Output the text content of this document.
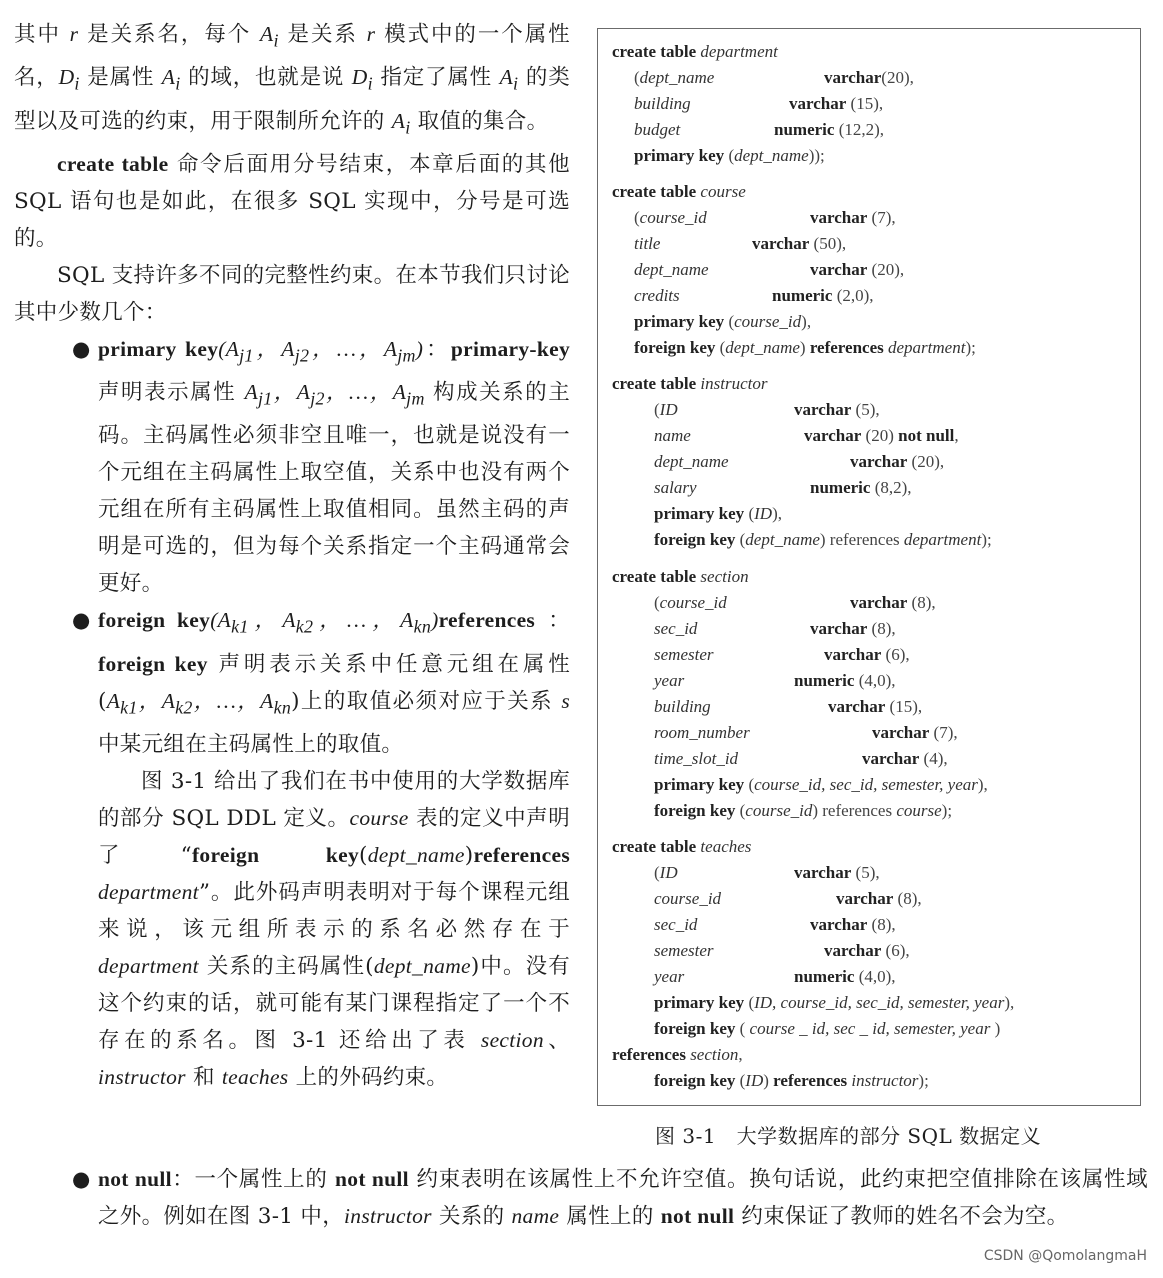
其中 r 是关系名，每个 $A_i$ 是关系 r 模式中的一个属性名，$D_i$ 是属性 $A_i$ 的域，也就是说 $D_i$ 指定了属性 $A_i$ 的类型以及可选的约束，用于限制所允许的 $A_i$ 取值的集合。

create table 命令后面用分号结束，本章后面的其他 SQL 语句也是如此，在很多 SQL 实现中，分号是可选的。

SQL 支持许多不同的完整性约束。在本节我们只讨论其中少数几个：

● primary $key(A_{j1}$，$A_{j2}$，…，$A_{jm}$)：primary-key 声明表示属性 $A_{j1}$，$A_{j2}$，…，$A_{jm}$ 构成关系的主码。主码属性必须非空且唯一，也就是说没有一个元组在主码属性上取空值，关系中也没有两个元组在所有主码属性上取值相同。虽然主码的声明是可选的，但为每个关系指定一个主码通常会更好。

● foreign $key(A_{k1}$，$A_{k2}$，…，$A_{kn})references$ ：foreign key 声明表示关系中任意元组在属性($A_{k1}$，$A_{k2}$，…，$A_{kn}$)上的取值必须对应于关系 s 中某元组在主码属性上的取值。

图 3-1 给出了我们在书中使用的大学数据库的部分 SQL DDL 定义。course 表的定义中声明了“foreign key(dept_name)references department”。此外码声明表明对于每个课程元组来说，该元组所表示的系名必然存在于 department 关系的主码属性(dept_name)中。没有这个约束的话，就可能有某门课程指定了一个不存在的系名。图 3-1 还给出了表 section、instructor 和 teaches 上的外码约束。

create table department
(dept_name	varchar(20),
building	varchar (15),
budget	numeric (12,2),
primary key (dept_name));
create table course
(course_id	varchar (7),
title	varchar (50),
dept_name	varchar (20),
credits	numeric (2,0),
primary key (course_id),
foreign key (dept_name) references department);
create table instructor
(ID	varchar (5),
name	varchar (20) not null,
dept_name	varchar (20),
salary	numeric (8,2),
primary key (ID),
foreign key (dept_name) references department);
create table section
(course_id	varchar (8),
sec_id	varchar (8),
semester	varchar (6),
year	numeric (4,0),
building	varchar (15),
room_number	varchar (7),
time_slot_id	varchar (4),
primary key (course_id, sec_id, semester, year),
foreign key (course_id) references course);
create table teaches
(ID	varchar (5),
course_id	varchar (8),
sec_id	varchar (8),
semester	varchar (6),
year	numeric (4,0),
primary key (ID, course_id, sec_id, semester, year),
foreign key ( course _ id, sec _ id, semester, year )
references section,
foreign key (ID) references instructor);
图 3-1　大学数据库的部分 SQL 数据定义
● not null：一个属性上的 not null 约束表明在该属性上不允许空值。换句话说，此约束把空值排除在该属性域之外。例如在图 3-1 中，instructor 关系的 name 属性上的 not null 约束保证了教师的姓名不会为空。

CSDN @QomolangmaH
